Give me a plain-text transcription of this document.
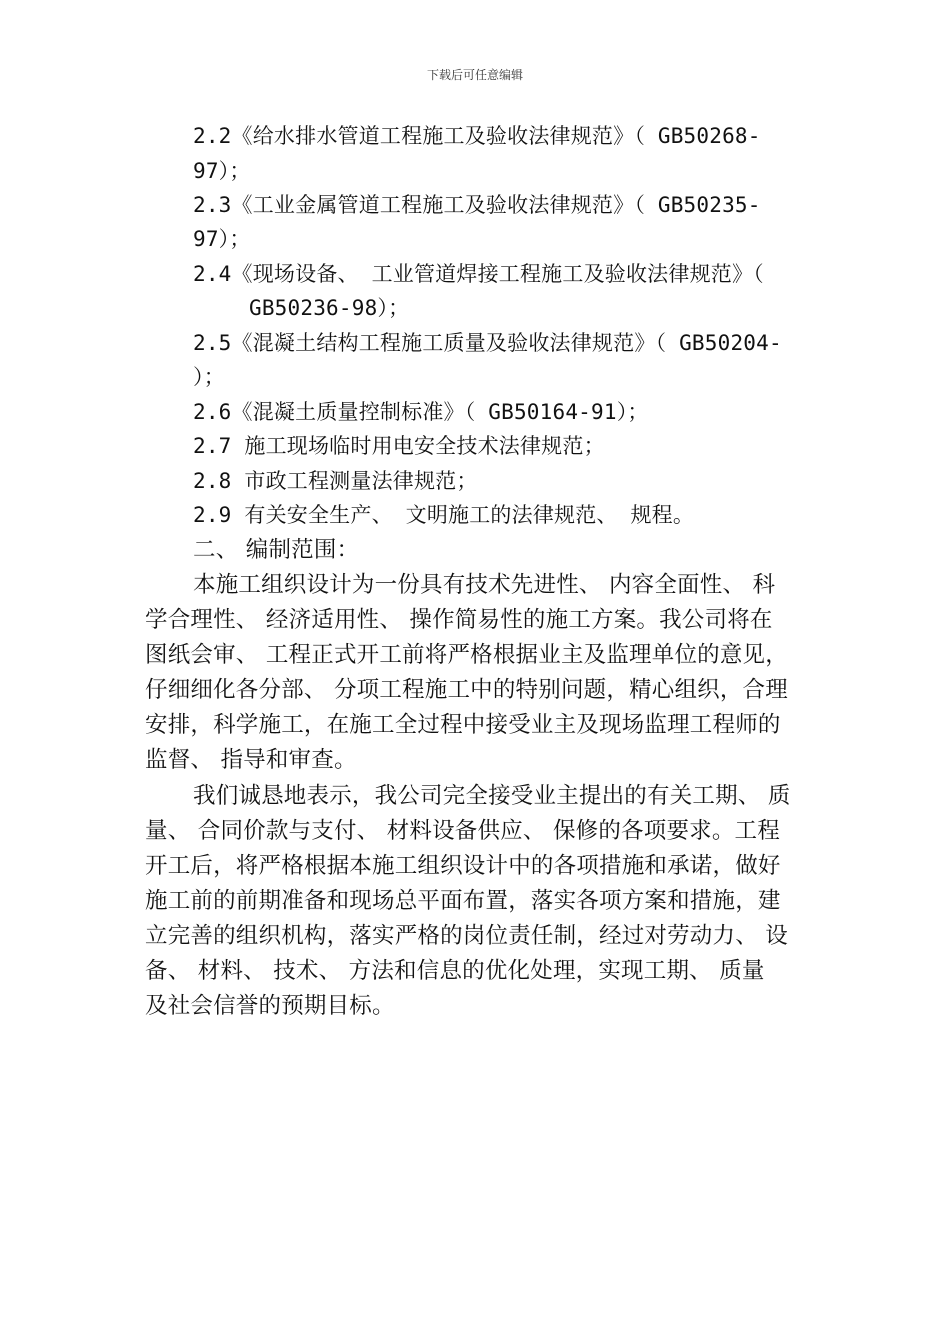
下载后可任意编辑
2.2《给水排水管道工程施工及验收法律规范》（ GB50268-
97）；
2.3《工业金属管道工程施工及验收法律规范》（ GB50235-
97）；
2.4《现场设备、 工业管道焊接工程施工及验收法律规范》（
GB50236-98）；
2.5《混凝土结构工程施工质量及验收法律规范》（ GB50204-
）；
2.6《混凝土质量控制标准》（ GB50164-91）；
2.7 施工现场临时用电安全技术法律规范；
2.8 市政工程测量法律规范；
2.9 有关安全生产、 文明施工的法律规范、 规程。
二、 编制范围：
本施工组织设计为一份具有技术先进性、 内容全面性、 科
学合理性、 经济适用性、 操作简易性的施工方案。我公司将在
图纸会审、 工程正式开工前将严格根据业主及监理单位的意见，
仔细细化各分部、 分项工程施工中的特别问题，精心组织，合理
安排，科学施工，在施工全过程中接受业主及现场监理工程师的
监督、 指导和审查。
我们诚恳地表示，我公司完全接受业主提出的有关工期、 质
量、 合同价款与支付、 材料设备供应、 保修的各项要求。工程
开工后，将严格根据本施工组织设计中的各项措施和承诺，做好
施工前的前期准备和现场总平面布置，落实各项方案和措施，建
立完善的组织机构，落实严格的岗位责任制，经过对劳动力、 设
备、 材料、 技术、 方法和信息的优化处理，实现工期、 质量
及社会信誉的预期目标。
